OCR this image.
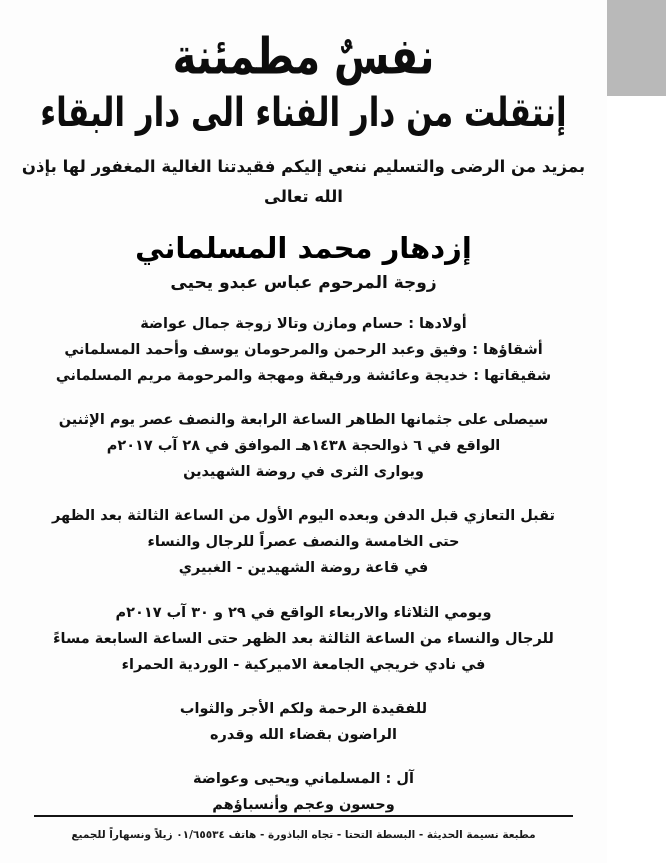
نفسٌ مطمئنة
إنتقلت من دار الفناء الى دار البقاء
بمزيد من الرضى والتسليم ننعي إليكم فقيدتنا الغالية المغفور لها بإذن الله تعالى
إزدهار محمد المسلماني
زوجة المرحوم عباس عبدو يحيى
أولادها : حسام ومازن وتالا زوجة جمال عواضة
أشقاؤها : وفيق وعبد الرحمن والمرحومان يوسف وأحمد المسلماني
شقيقاتها : خديجة وعائشة ورفيقة ومهجة والمرحومة مريم المسلماني
سيصلى على جثمانها الطاهر الساعة الرابعة والنصف عصر يوم الإثنين
الواقع في ٦ ذوالحجة ١٤٣٨هـ الموافق في ٢٨ آب ٢٠١٧م
ويوارى الثرى في روضة الشهيدين
تقبل التعازي قبل الدفن وبعده اليوم الأول من الساعة الثالثة بعد الظهر
حتى الخامسة والنصف عصراً للرجال والنساء
في قاعة روضة الشهيدين - الغبيري
ويومي الثلاثاء والاربعاء الواقع في ٢٩ و ٣٠ آب ٢٠١٧م
للرجال والنساء من الساعة الثالثة بعد الظهر حتى الساعة السابعة مساءً
في نادي خريجي الجامعة الاميركية - الوردية الحمراء
للفقيدة الرحمة ولكم الأجر والثواب
الراضون بقضاء الله وقدره
آل : المسلماني ويحيى وعواضة
وحسون وعجم وأنسباؤهم
مطبعة نسيمة الحديثة - البسطة التحتا - تجاه الباذورة - هاتف ٠١/٦٥٥٣٤ زيلاً ونسهاراً للجميع
